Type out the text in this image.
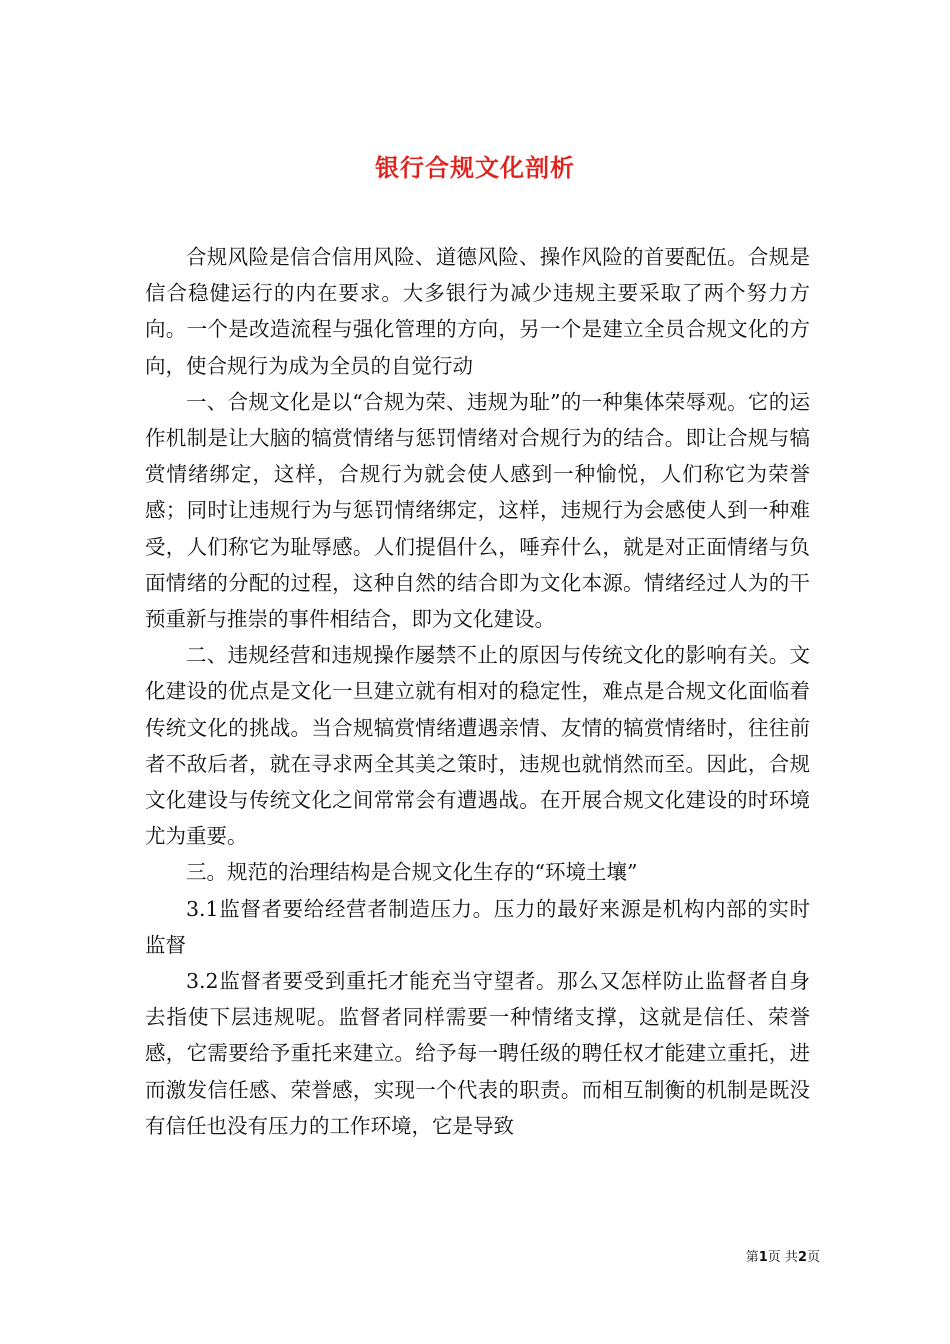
银行合规文化剖析

合规风险是信合信用风险、道德风险、操作风险的首要配伍。合规是信合稳健运行的内在要求。大多银行为减少违规主要采取了两个努力方向。一个是改造流程与强化管理的方向，另一个是建立全员合规文化的方向，使合规行为成为全员的自觉行动

一、合规文化是以“合规为荣、违规为耻”的一种集体荣辱观。它的运作机制是让大脑的犒赏情绪与惩罚情绪对合规行为的结合。即让合规与犒赏情绪绑定，这样，合规行为就会使人感到一种愉悦，人们称它为荣誉感；同时让违规行为与惩罚情绪绑定，这样，违规行为会感使人到一种难受，人们称它为耻辱感。人们提倡什么，唾弃什么，就是对正面情绪与负面情绪的分配的过程，这种自然的结合即为文化本源。情绪经过人为的干预重新与推崇的事件相结合，即为文化建设。

二、违规经营和违规操作屡禁不止的原因与传统文化的影响有关。文化建设的优点是文化一旦建立就有相对的稳定性，难点是合规文化面临着传统文化的挑战。当合规犒赏情绪遭遇亲情、友情的犒赏情绪时，往往前者不敌后者，就在寻求两全其美之策时，违规也就悄然而至。因此，合规文化建设与传统文化之间常常会有遭遇战。在开展合规文化建设的时环境尤为重要。

三。规范的治理结构是合规文化生存的“环境土壤”

3.1监督者要给经营者制造压力。压力的最好来源是机构内部的实时监督

3.2监督者要受到重托才能充当守望者。那么又怎样防止监督者自身去指使下层违规呢。监督者同样需要一种情绪支撑，这就是信任、荣誉感，它需要给予重托来建立。给予每一聘任级的聘任权才能建立重托，进而激发信任感、荣誉感，实现一个代表的职责。而相互制衡的机制是既没有信任也没有压力的工作环境，它是导致

第1页 共2页
